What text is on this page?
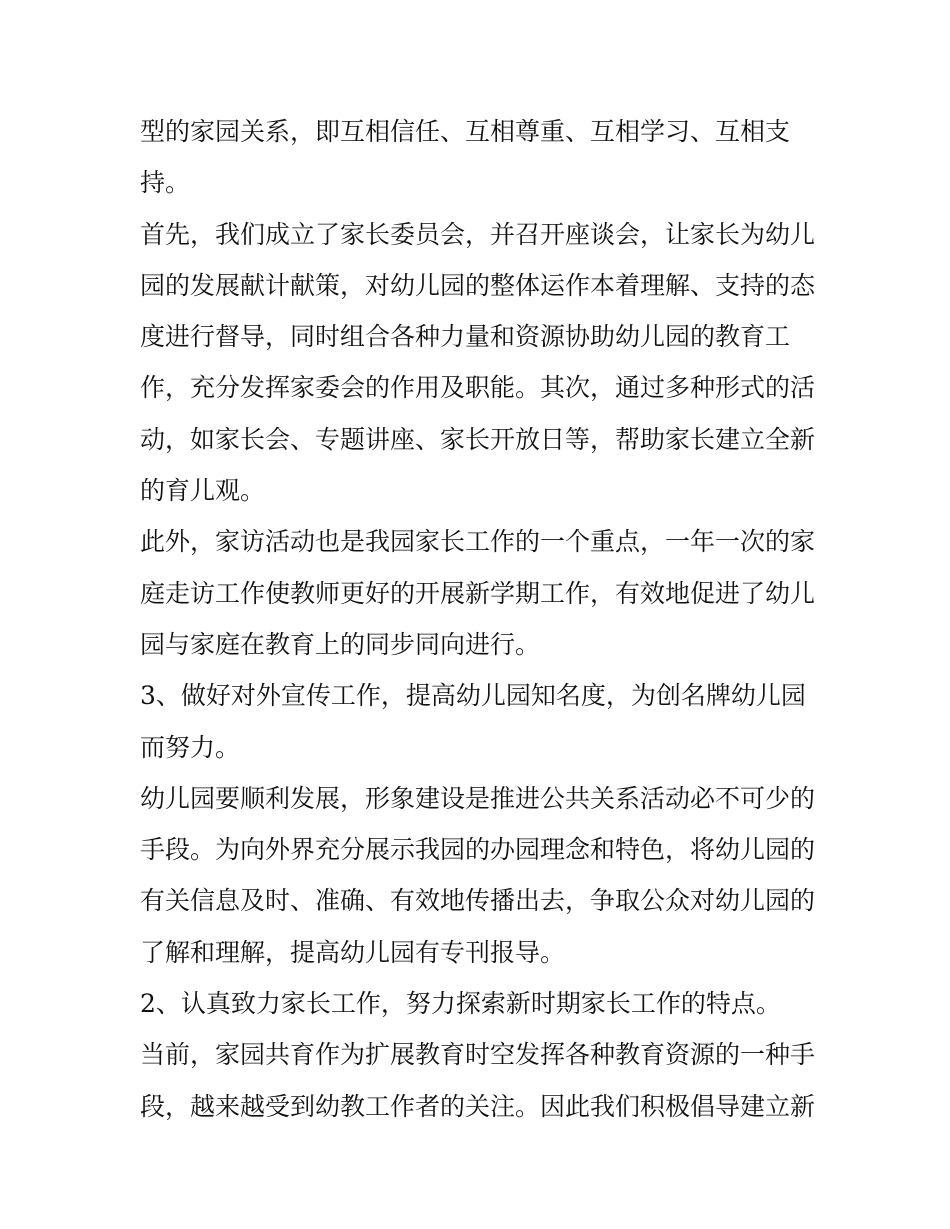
型的家园关系，即互相信任、互相尊重、互相学习、互相支
持。

首先，我们成立了家长委员会，并召开座谈会，让家长为幼儿
园的发展献计献策，对幼儿园的整体运作本着理解、支持的态
度进行督导，同时组合各种力量和资源协助幼儿园的教育工
作，充分发挥家委会的作用及职能。其次，通过多种形式的活
动，如家长会、专题讲座、家长开放日等，帮助家长建立全新
的育儿观。

此外，家访活动也是我园家长工作的一个重点，一年一次的家
庭走访工作使教师更好的开展新学期工作，有效地促进了幼儿
园与家庭在教育上的同步同向进行。

3、做好对外宣传工作，提高幼儿园知名度，为创名牌幼儿园
而努力。

幼儿园要顺利发展，形象建设是推进公共关系活动必不可少的
手段。为向外界充分展示我园的办园理念和特色，将幼儿园的
有关信息及时、准确、有效地传播出去，争取公众对幼儿园的
了解和理解，提高幼儿园有专刊报导。

2、认真致力家长工作，努力探索新时期家长工作的特点。

当前，家园共育作为扩展教育时空发挥各种教育资源的一种手
段，越来越受到幼教工作者的关注。因此我们积极倡导建立新
